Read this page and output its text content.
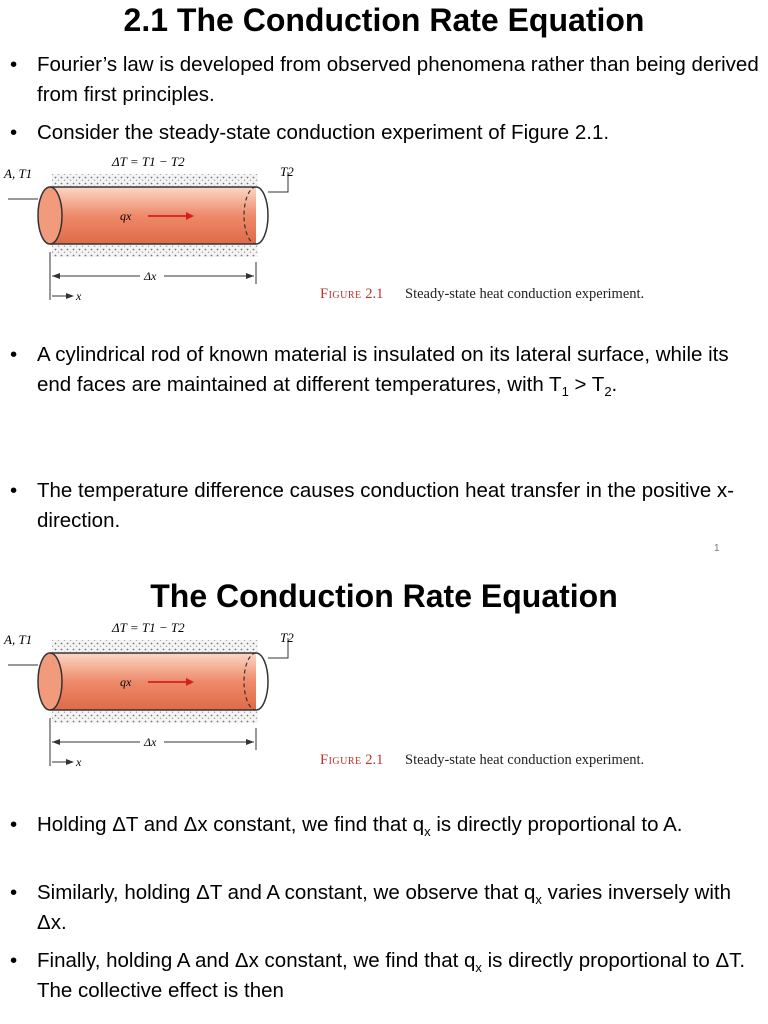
2.1 The Conduction Rate Equation
• Fourier’s law is developed from observed phenomena rather than being derived from first principles.
• Consider the steady-state conduction experiment of Figure 2.1.
ΔT = T1 − T2
A, T1	T2
qx
Δx
x	Figure 2.1 Steady-state heat conduction experiment.
• A cylindrical rod of known material is insulated on its lateral surface, while its end faces are maintained at different temperatures, with $T_1 > T_2$.
• The temperature difference causes conduction heat transfer in the positive x-direction.
1
The Conduction Rate Equation
ΔT = T1 − T2
A, T1	T2
qx
Δx
x	Figure 2.1 Steady-state heat conduction experiment.
• Holding ΔT and Δx constant, we find that $q_x$ is directly proportional to A.
• Similarly, holding ΔT and A constant, we observe that $q_x$ varies inversely with Δx.
• Finally, holding A and Δx constant, we find that $q_x$ is directly proportional to ΔT. The collective effect is then
